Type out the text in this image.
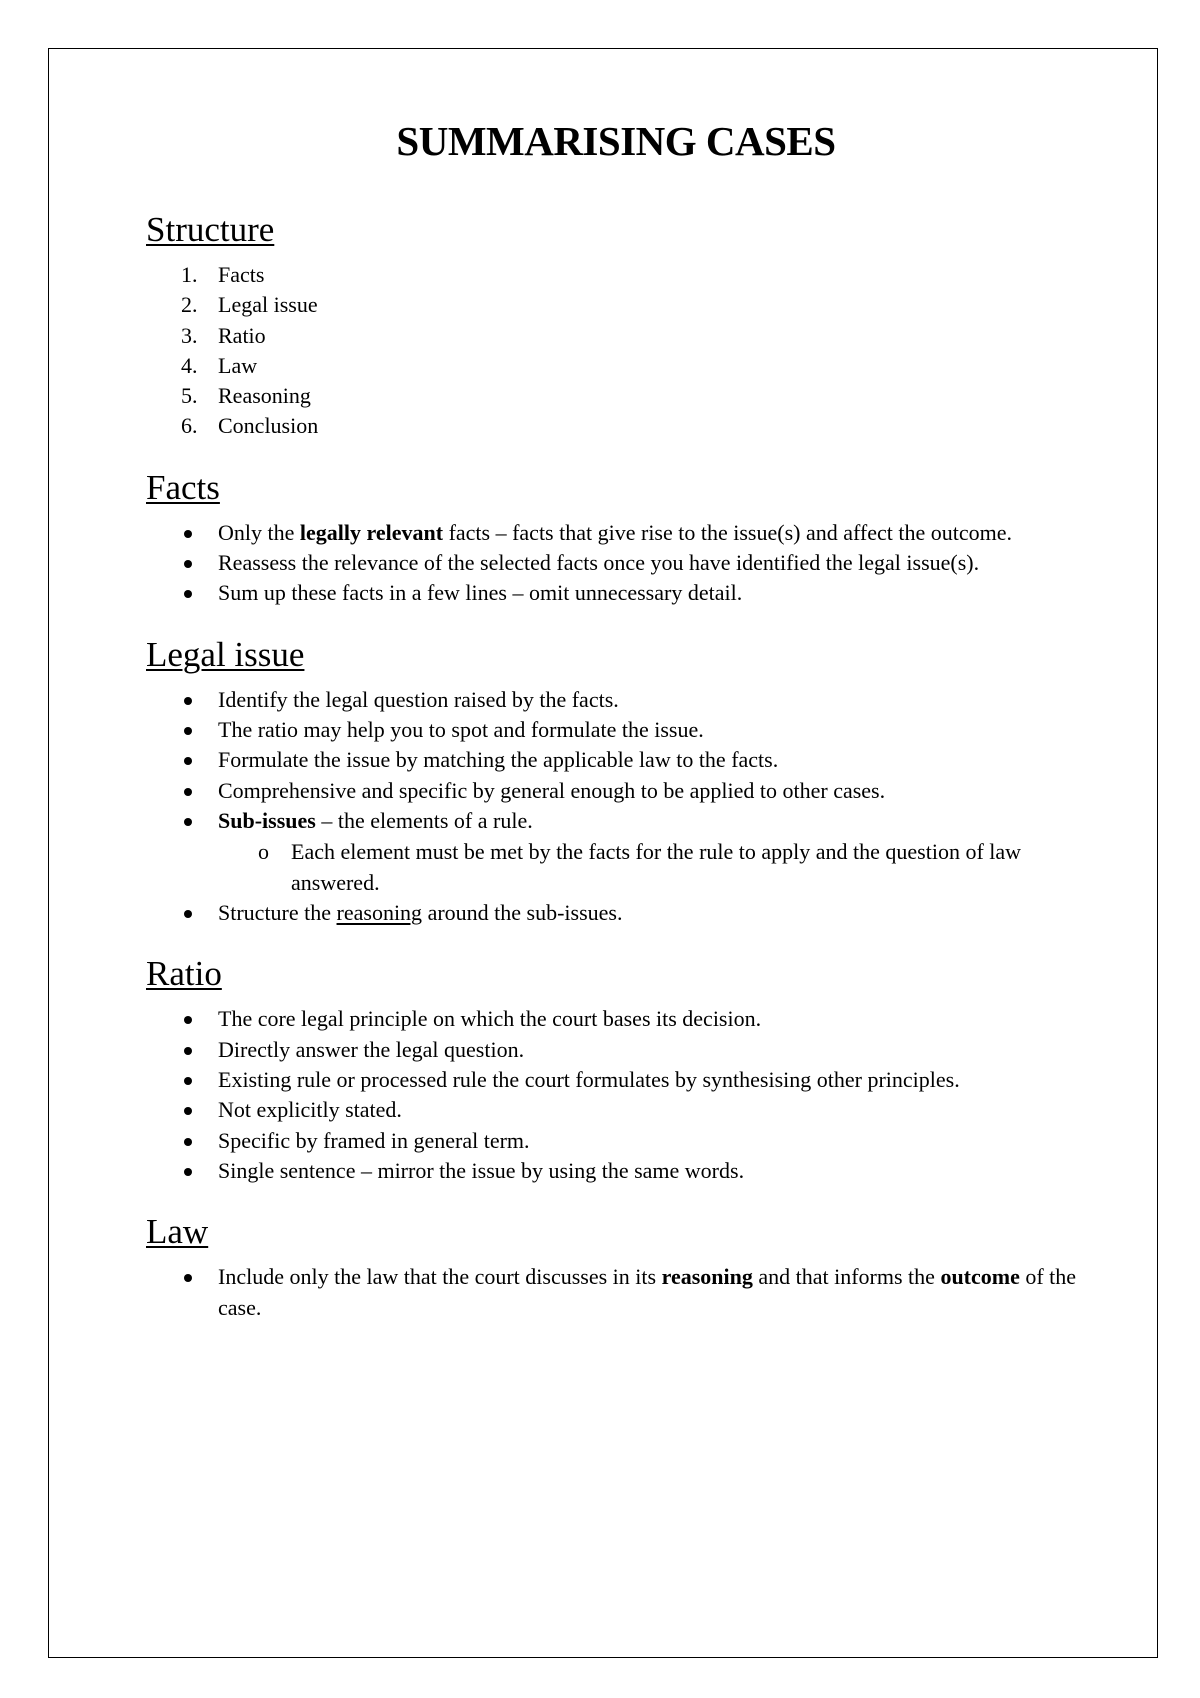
SUMMARISING CASES
Structure
1. Facts
2. Legal issue
3. Ratio
4. Law
5. Reasoning
6. Conclusion
Facts
Only the legally relevant facts – facts that give rise to the issue(s) and affect the outcome.
Reassess the relevance of the selected facts once you have identified the legal issue(s).
Sum up these facts in a few lines – omit unnecessary detail.
Legal issue
Identify the legal question raised by the facts.
The ratio may help you to spot and formulate the issue.
Formulate the issue by matching the applicable law to the facts.
Comprehensive and specific by general enough to be applied to other cases.
Sub-issues – the elements of a rule.
o Each element must be met by the facts for the rule to apply and the question of law answered.
Structure the reasoning around the sub-issues.
Ratio
The core legal principle on which the court bases its decision.
Directly answer the legal question.
Existing rule or processed rule the court formulates by synthesising other principles.
Not explicitly stated.
Specific by framed in general term.
Single sentence – mirror the issue by using the same words.
Law
Include only the law that the court discusses in its reasoning and that informs the outcome of the case.
